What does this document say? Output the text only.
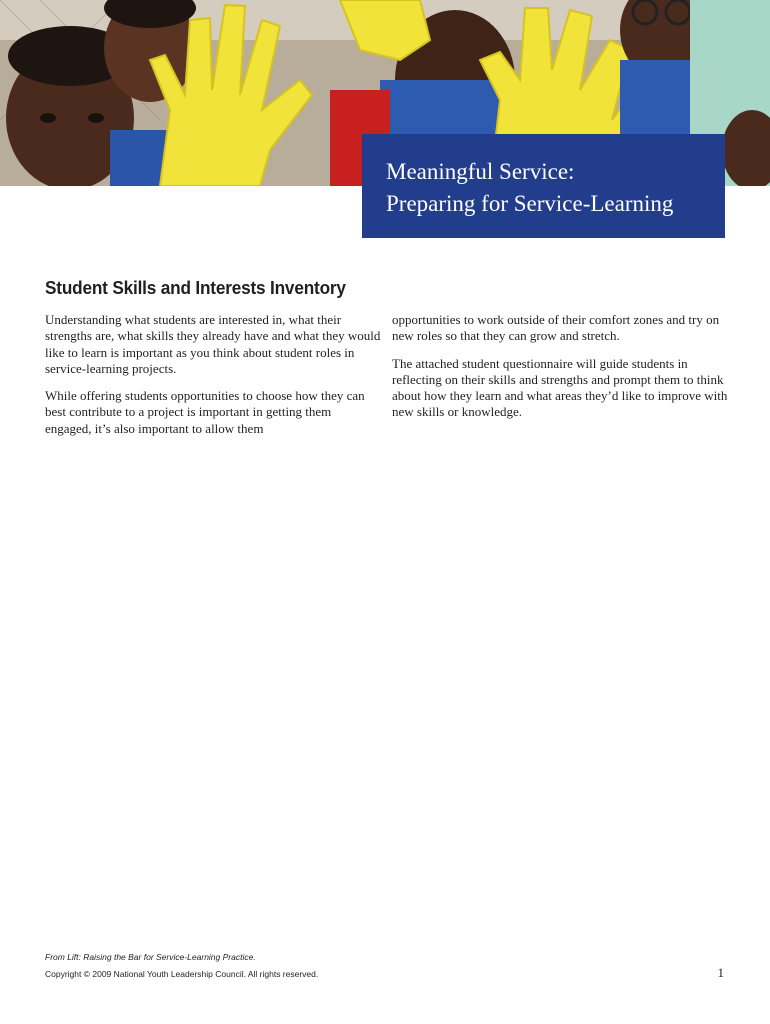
Meaningful Service:
Preparing for Service-Learning
Student Skills and Interests Inventory

Understanding what students are interested in, what their strengths are, what skills they already have and what they would like to learn is important as you think about student roles in service-learning projects.

While offering students opportunities to choose how they can best contribute to a project is important in getting them engaged, it’s also important to allow them

opportunities to work outside of their comfort zones and try on new roles so that they can grow and stretch.

The attached student questionnaire will guide students in reflecting on their skills and strengths and prompt them to think about how they learn and what areas they’d like to improve with new skills or knowledge.

From Lift: Raising the Bar for Service-Learning Practice.
Copyright © 2009 National Youth Leadership Council. All rights reserved.	1
